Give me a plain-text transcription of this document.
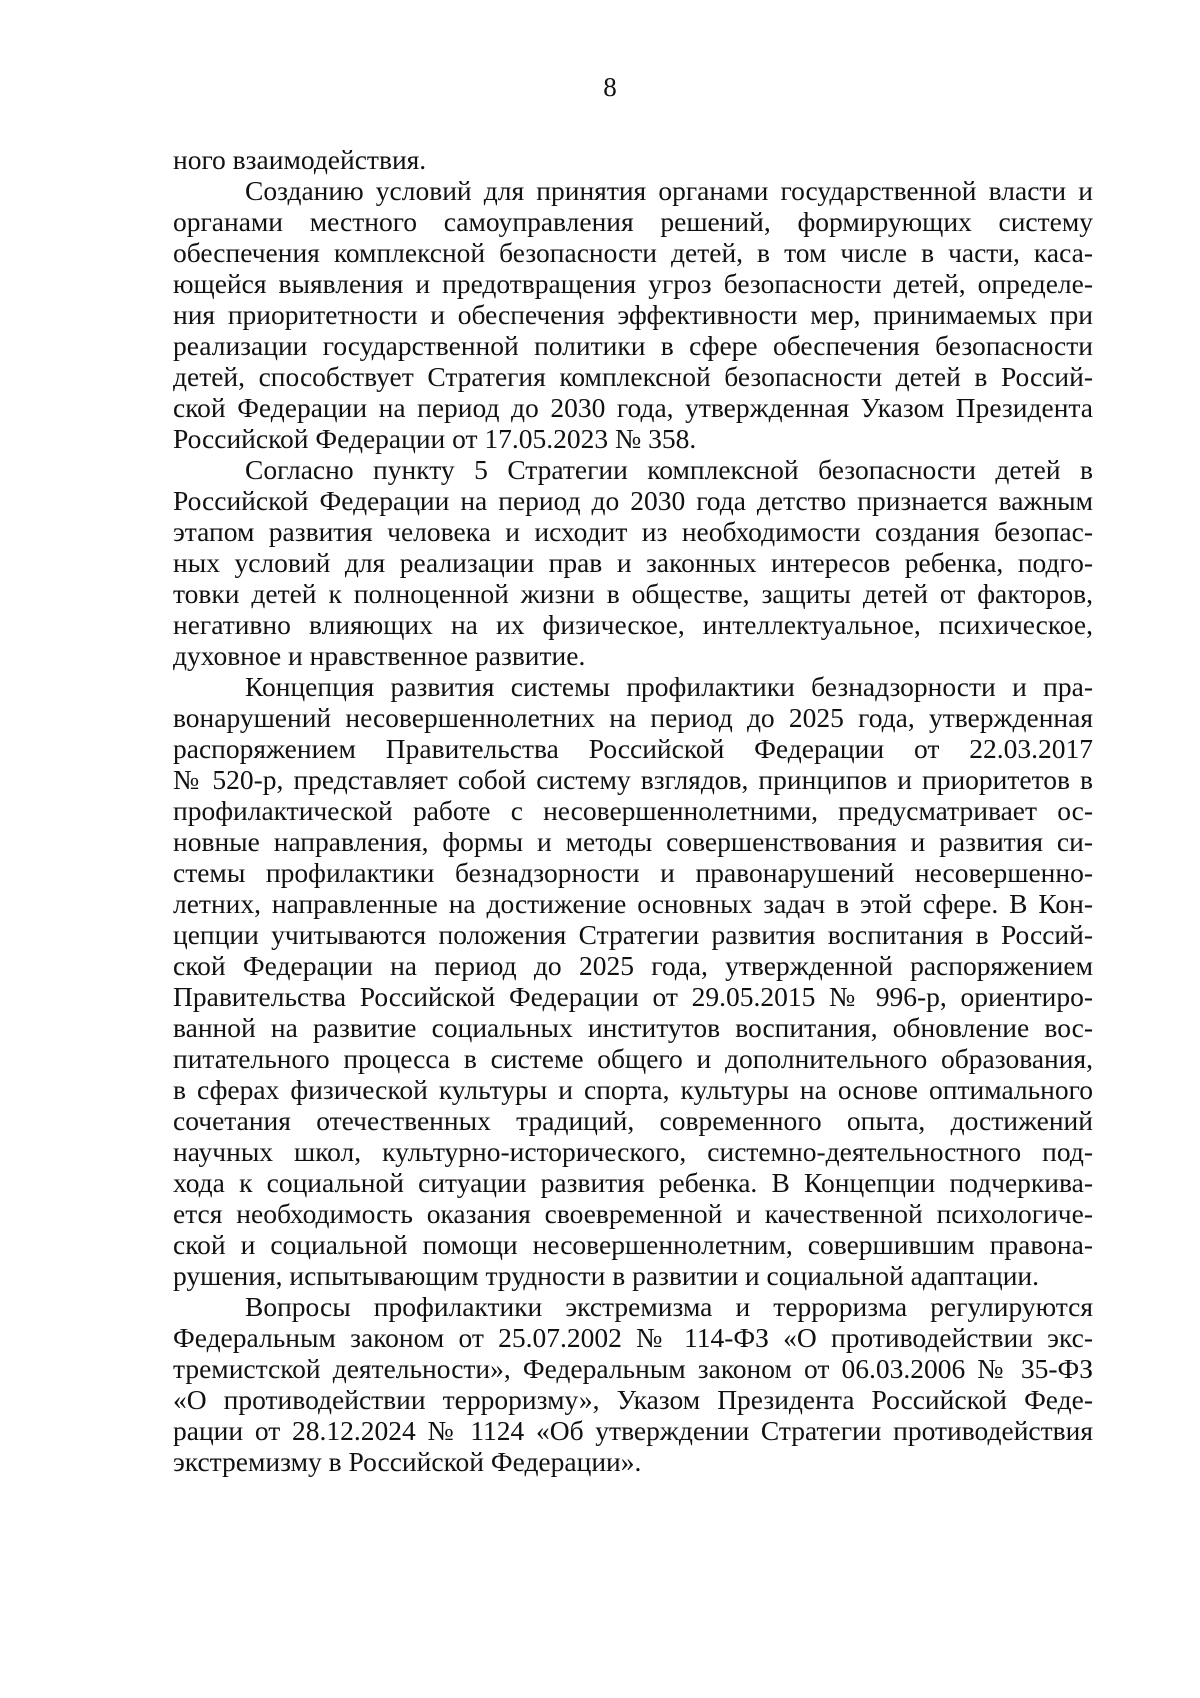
8
ного взаимодействия.
Созданию условий для принятия органами государственной власти и
органами местного самоуправления решений, формирующих систему
обеспечения комплексной безопасности детей, в том числе в части, каса-
ющейся выявления и предотвращения угроз безопасности детей, определе-
ния приоритетности и обеспечения эффективности мер, принимаемых при
реализации государственной политики в сфере обеспечения безопасности
детей, способствует Стратегия комплексной безопасности детей в Россий-
ской Федерации на период до 2030 года, утвержденная Указом Президента
Российской Федерации от 17.05.2023 № 358.
Согласно пункту 5 Стратегии комплексной безопасности детей в
Российской Федерации на период до 2030 года детство признается важным
этапом развития человека и исходит из необходимости создания безопас-
ных условий для реализации прав и законных интересов ребенка, подго-
товки детей к полноценной жизни в обществе, защиты детей от факторов,
негативно влияющих на их физическое, интеллектуальное, психическое,
духовное и нравственное развитие.
Концепция развития системы профилактики безнадзорности и пра-
вонарушений несовершеннолетних на период до 2025 года, утвержденная
распоряжением Правительства Российской Федерации от 22.03.2017
№ 520-р, представляет собой систему взглядов, принципов и приоритетов в
профилактической работе с несовершеннолетними, предусматривает ос-
новные направления, формы и методы совершенствования и развития си-
стемы профилактики безнадзорности и правонарушений несовершенно-
летних, направленные на достижение основных задач в этой сфере. В Кон-
цепции учитываются положения Стратегии развития воспитания в Россий-
ской Федерации на период до 2025 года, утвержденной распоряжением
Правительства Российской Федерации от 29.05.2015 № 996-р, ориентиро-
ванной на развитие социальных институтов воспитания, обновление вос-
питательного процесса в системе общего и дополнительного образования,
в сферах физической культуры и спорта, культуры на основе оптимального
сочетания отечественных традиций, современного опыта, достижений
научных школ, культурно-исторического, системно-деятельностного под-
хода к социальной ситуации развития ребенка. В Концепции подчеркива-
ется необходимость оказания своевременной и качественной психологиче-
ской и социальной помощи несовершеннолетним, совершившим правона-
рушения, испытывающим трудности в развитии и социальной адаптации.
Вопросы профилактики экстремизма и терроризма регулируются
Федеральным законом от 25.07.2002 № 114-ФЗ «О противодействии экс-
тремистской деятельности», Федеральным законом от 06.03.2006 № 35-ФЗ
«О противодействии терроризму», Указом Президента Российской Феде-
рации от 28.12.2024 № 1124 «Об утверждении Стратегии противодействия
экстремизму в Российской Федерации».
